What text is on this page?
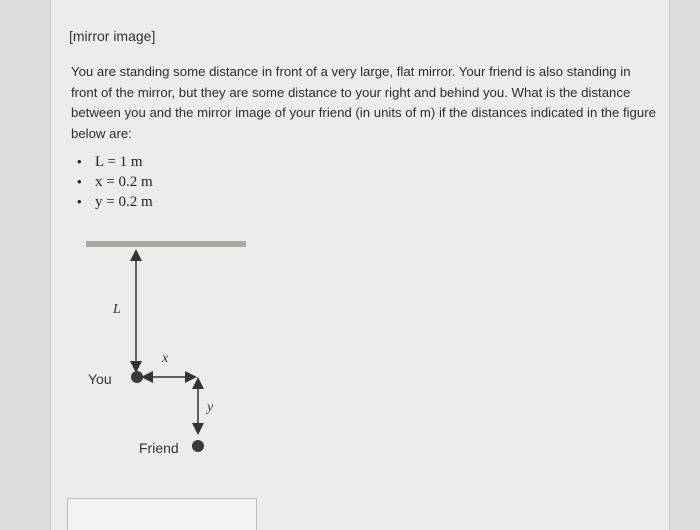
[mirror image]
You are standing some distance in front of a very large, flat mirror. Your friend is also standing in front of the mirror, but they are some distance to your right and behind you. What is the distance between you and the mirror image of your friend (in units of m) if the distances indicated in the figure below are:
• L = 1 m
• x = 0.2 m
• y = 0.2 m
L
x
y
You
Friend
